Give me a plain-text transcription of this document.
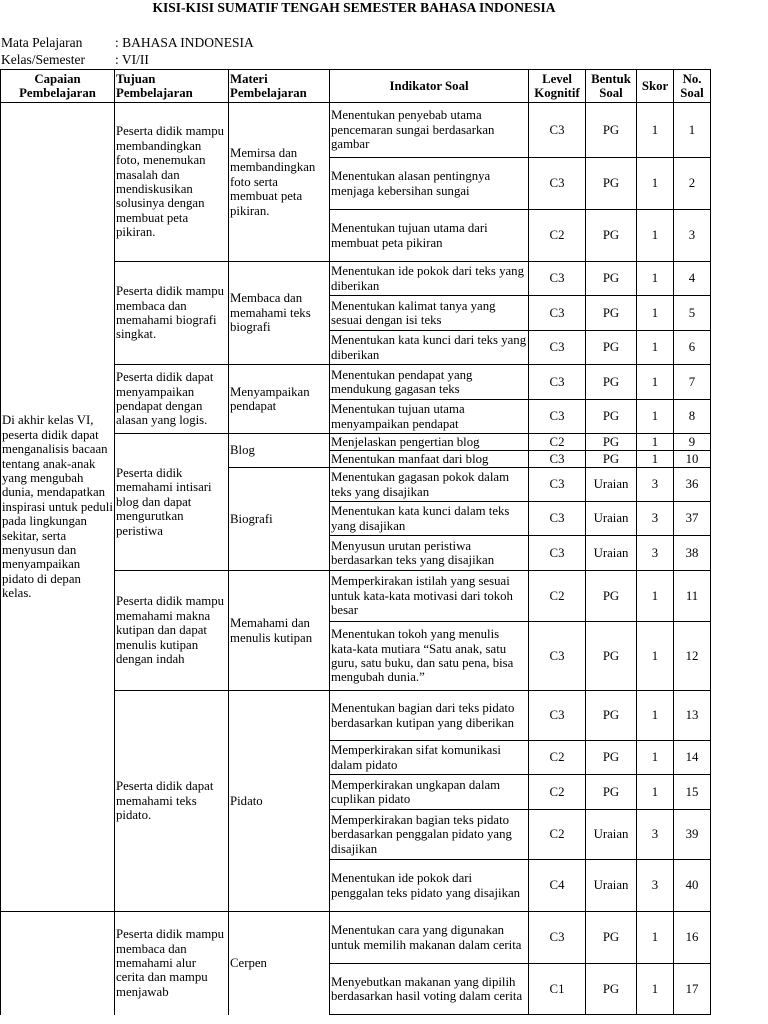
KISI-KISI SUMATIF TENGAH SEMESTER BAHASA INDONESIA
Mata Pelajaran : BAHASA INDONESIA
Kelas/Semester : VI/II
Capaian Pembelajaran	Tujuan Pembelajaran	Materi Pembelajaran	Indikator Soal	Level Kognitif	Bentuk Soal	Skor	No. Soal
Di akhir kelas VI, peserta didik dapat menganalisis bacaan tentang anak-anak yang mengubah dunia, mendapatkan inspirasi untuk peduli pada lingkungan sekitar, serta menyusun dan menyampaikan pidato di depan kelas.	Peserta didik mampu membandingkan foto, menemukan masalah dan mendiskusikan solusinya dengan membuat peta pikiran.	Memirsa dan membandingkan foto serta membuat peta pikiran.	Menentukan penyebab utama pencemaran sungai berdasarkan gambar	C3	PG	1	1
			Menentukan alasan pentingnya menjaga kebersihan sungai	C3	PG	1	2
			Menentukan tujuan utama dari membuat peta pikiran	C2	PG	1	3
	Peserta didik mampu membaca dan memahami biografi singkat.	Membaca dan memahami teks biografi	Menentukan ide pokok dari teks yang diberikan	C3	PG	1	4
			Menentukan kalimat tanya yang sesuai dengan isi teks	C3	PG	1	5
			Menentukan kata kunci dari teks yang diberikan	C3	PG	1	6
	Peserta didik dapat menyampaikan pendapat dengan alasan yang logis.	Menyampaikan pendapat	Menentukan pendapat yang mendukung gagasan teks	C3	PG	1	7
			Menentukan tujuan utama menyampaikan pendapat	C3	PG	1	8
	Peserta didik memahami intisari blog dan dapat mengurutkan peristiwa	Blog	Menjelaskan pengertian blog	C2	PG	1	9
			Menentukan manfaat dari blog	C3	PG	1	10
		Biografi	Menentukan gagasan pokok dalam teks yang disajikan	C3	Uraian	3	36
			Menentukan kata kunci dalam teks yang disajikan	C3	Uraian	3	37
			Menyusun urutan peristiwa berdasarkan teks yang disajikan	C3	Uraian	3	38
	Peserta didik mampu memahami makna kutipan dan dapat menulis kutipan dengan indah	Memahami dan menulis kutipan	Memperkirakan istilah yang sesuai untuk kata-kata motivasi dari tokoh besar	C2	PG	1	11
			Menentukan tokoh yang menulis kata-kata mutiara “Satu anak, satu guru, satu buku, dan satu pena, bisa mengubah dunia.”	C3	PG	1	12
	Peserta didik dapat memahami teks pidato.	Pidato	Menentukan bagian dari teks pidato berdasarkan kutipan yang diberikan	C3	PG	1	13
			Memperkirakan sifat komunikasi dalam pidato	C2	PG	1	14
			Memperkirakan ungkapan dalam cuplikan pidato	C2	PG	1	15
			Memperkirakan bagian teks pidato berdasarkan penggalan pidato yang disajikan	C2	Uraian	3	39
			Menentukan ide pokok dari penggalan teks pidato yang disajikan	C4	Uraian	3	40
	Peserta didik mampu membaca dan memahami alur cerita dan mampu menjawab	Cerpen	Menentukan cara yang digunakan untuk memilih makanan dalam cerita	C3	PG	1	16
			Menyebutkan makanan yang dipilih berdasarkan hasil voting dalam cerita	C1	PG	1	17
